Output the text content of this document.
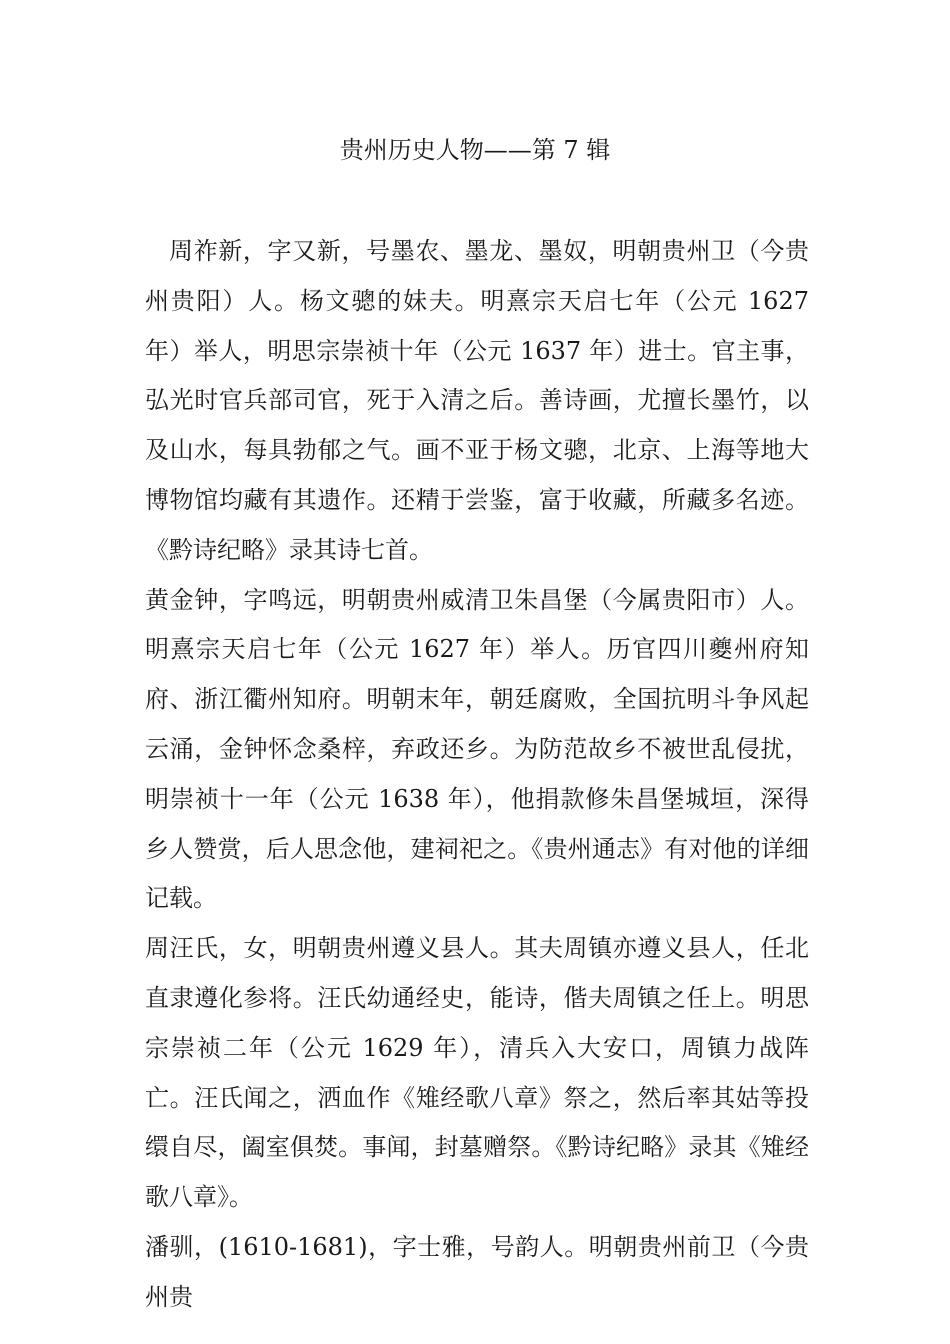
贵州历史人物——第 7 辑

周祚新，字又新，号墨农、墨龙、墨奴，明朝贵州卫（今贵州贵阳）人。杨文骢的妹夫。明熹宗天启七年（公元 1627 年）举人，明思宗崇祯十年（公元 1637 年）进士。官主事，弘光时官兵部司官，死于入清之后。善诗画，尤擅长墨竹，以及山水，每具勃郁之气。画不亚于杨文骢，北京、上海等地大博物馆均藏有其遗作。还精于尝鉴，富于收藏，所藏多名迹。《黔诗纪略》录其诗七首。

黄金钟，字鸣远，明朝贵州威清卫朱昌堡（今属贵阳市）人。明熹宗天启七年（公元 1627 年）举人。历官四川夔州府知府、浙江衢州知府。明朝末年，朝廷腐败，全国抗明斗争风起云涌，金钟怀念桑梓，弃政还乡。为防范故乡不被世乱侵扰，明崇祯十一年（公元 1638 年），他捐款修朱昌堡城垣，深得乡人赞赏，后人思念他，建祠祀之。《贵州通志》有对他的详细记载。

周汪氏，女，明朝贵州遵义县人。其夫周镇亦遵义县人，任北直隶遵化参将。汪氏幼通经史，能诗，偕夫周镇之任上。明思宗崇祯二年（公元 1629 年），清兵入大安口，周镇力战阵亡。汪氏闻之，洒血作《雉经歌八章》祭之，然后率其姑等投缳自尽，阖室俱焚。事闻，封墓赠祭。《黔诗纪略》录其《雉经歌八章》。

潘驯，(1610-1681)，字士雅，号韵人。明朝贵州前卫（今贵州贵
